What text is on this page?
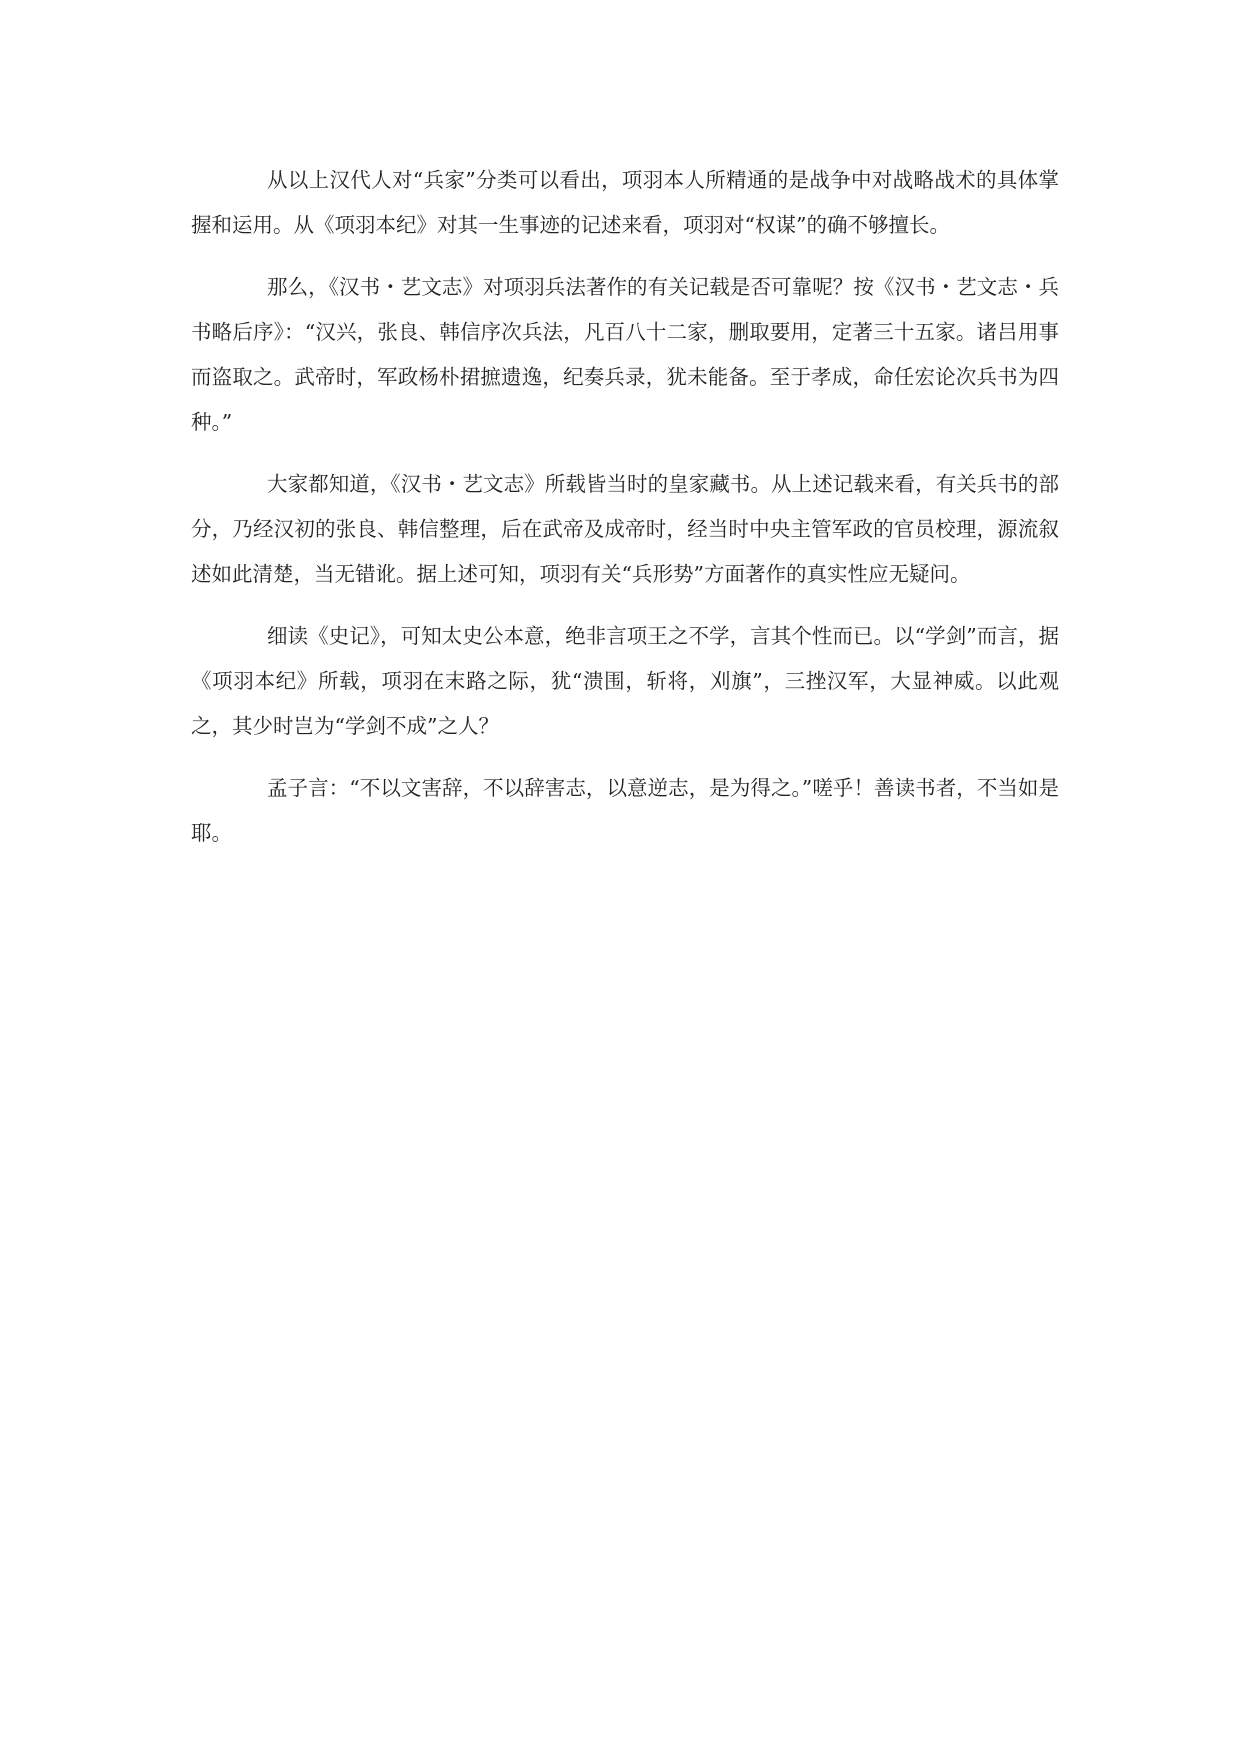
从以上汉代人对“兵家”分类可以看出，项羽本人所精通的是战争中对战略战术的具体掌握和运用。从《项羽本纪》对其一生事迹的记述来看，项羽对“权谋”的确不够擅长。

那么，《汉书・艺文志》对项羽兵法著作的有关记载是否可靠呢？按《汉书・艺文志・兵书略后序》：“汉兴，张良、韩信序次兵法，凡百八十二家，删取要用，定著三十五家。诸吕用事而盗取之。武帝时，军政杨朴捃摭遗逸，纪奏兵录，犹未能备。至于孝成，命任宏论次兵书为四种。”

大家都知道，《汉书・艺文志》所载皆当时的皇家藏书。从上述记载来看，有关兵书的部分，乃经汉初的张良、韩信整理，后在武帝及成帝时，经当时中央主管军政的官员校理，源流叙述如此清楚，当无错讹。据上述可知，项羽有关“兵形势”方面著作的真实性应无疑问。

细读《史记》，可知太史公本意，绝非言项王之不学，言其个性而已。以“学剑”而言，据《项羽本纪》所载，项羽在末路之际，犹“溃围，斩将，刈旗”，三挫汉军，大显神威。以此观之，其少时岂为“学剑不成”之人？

孟子言：“不以文害辞，不以辞害志，以意逆志，是为得之。”嗟乎！善读书者，不当如是耶。
